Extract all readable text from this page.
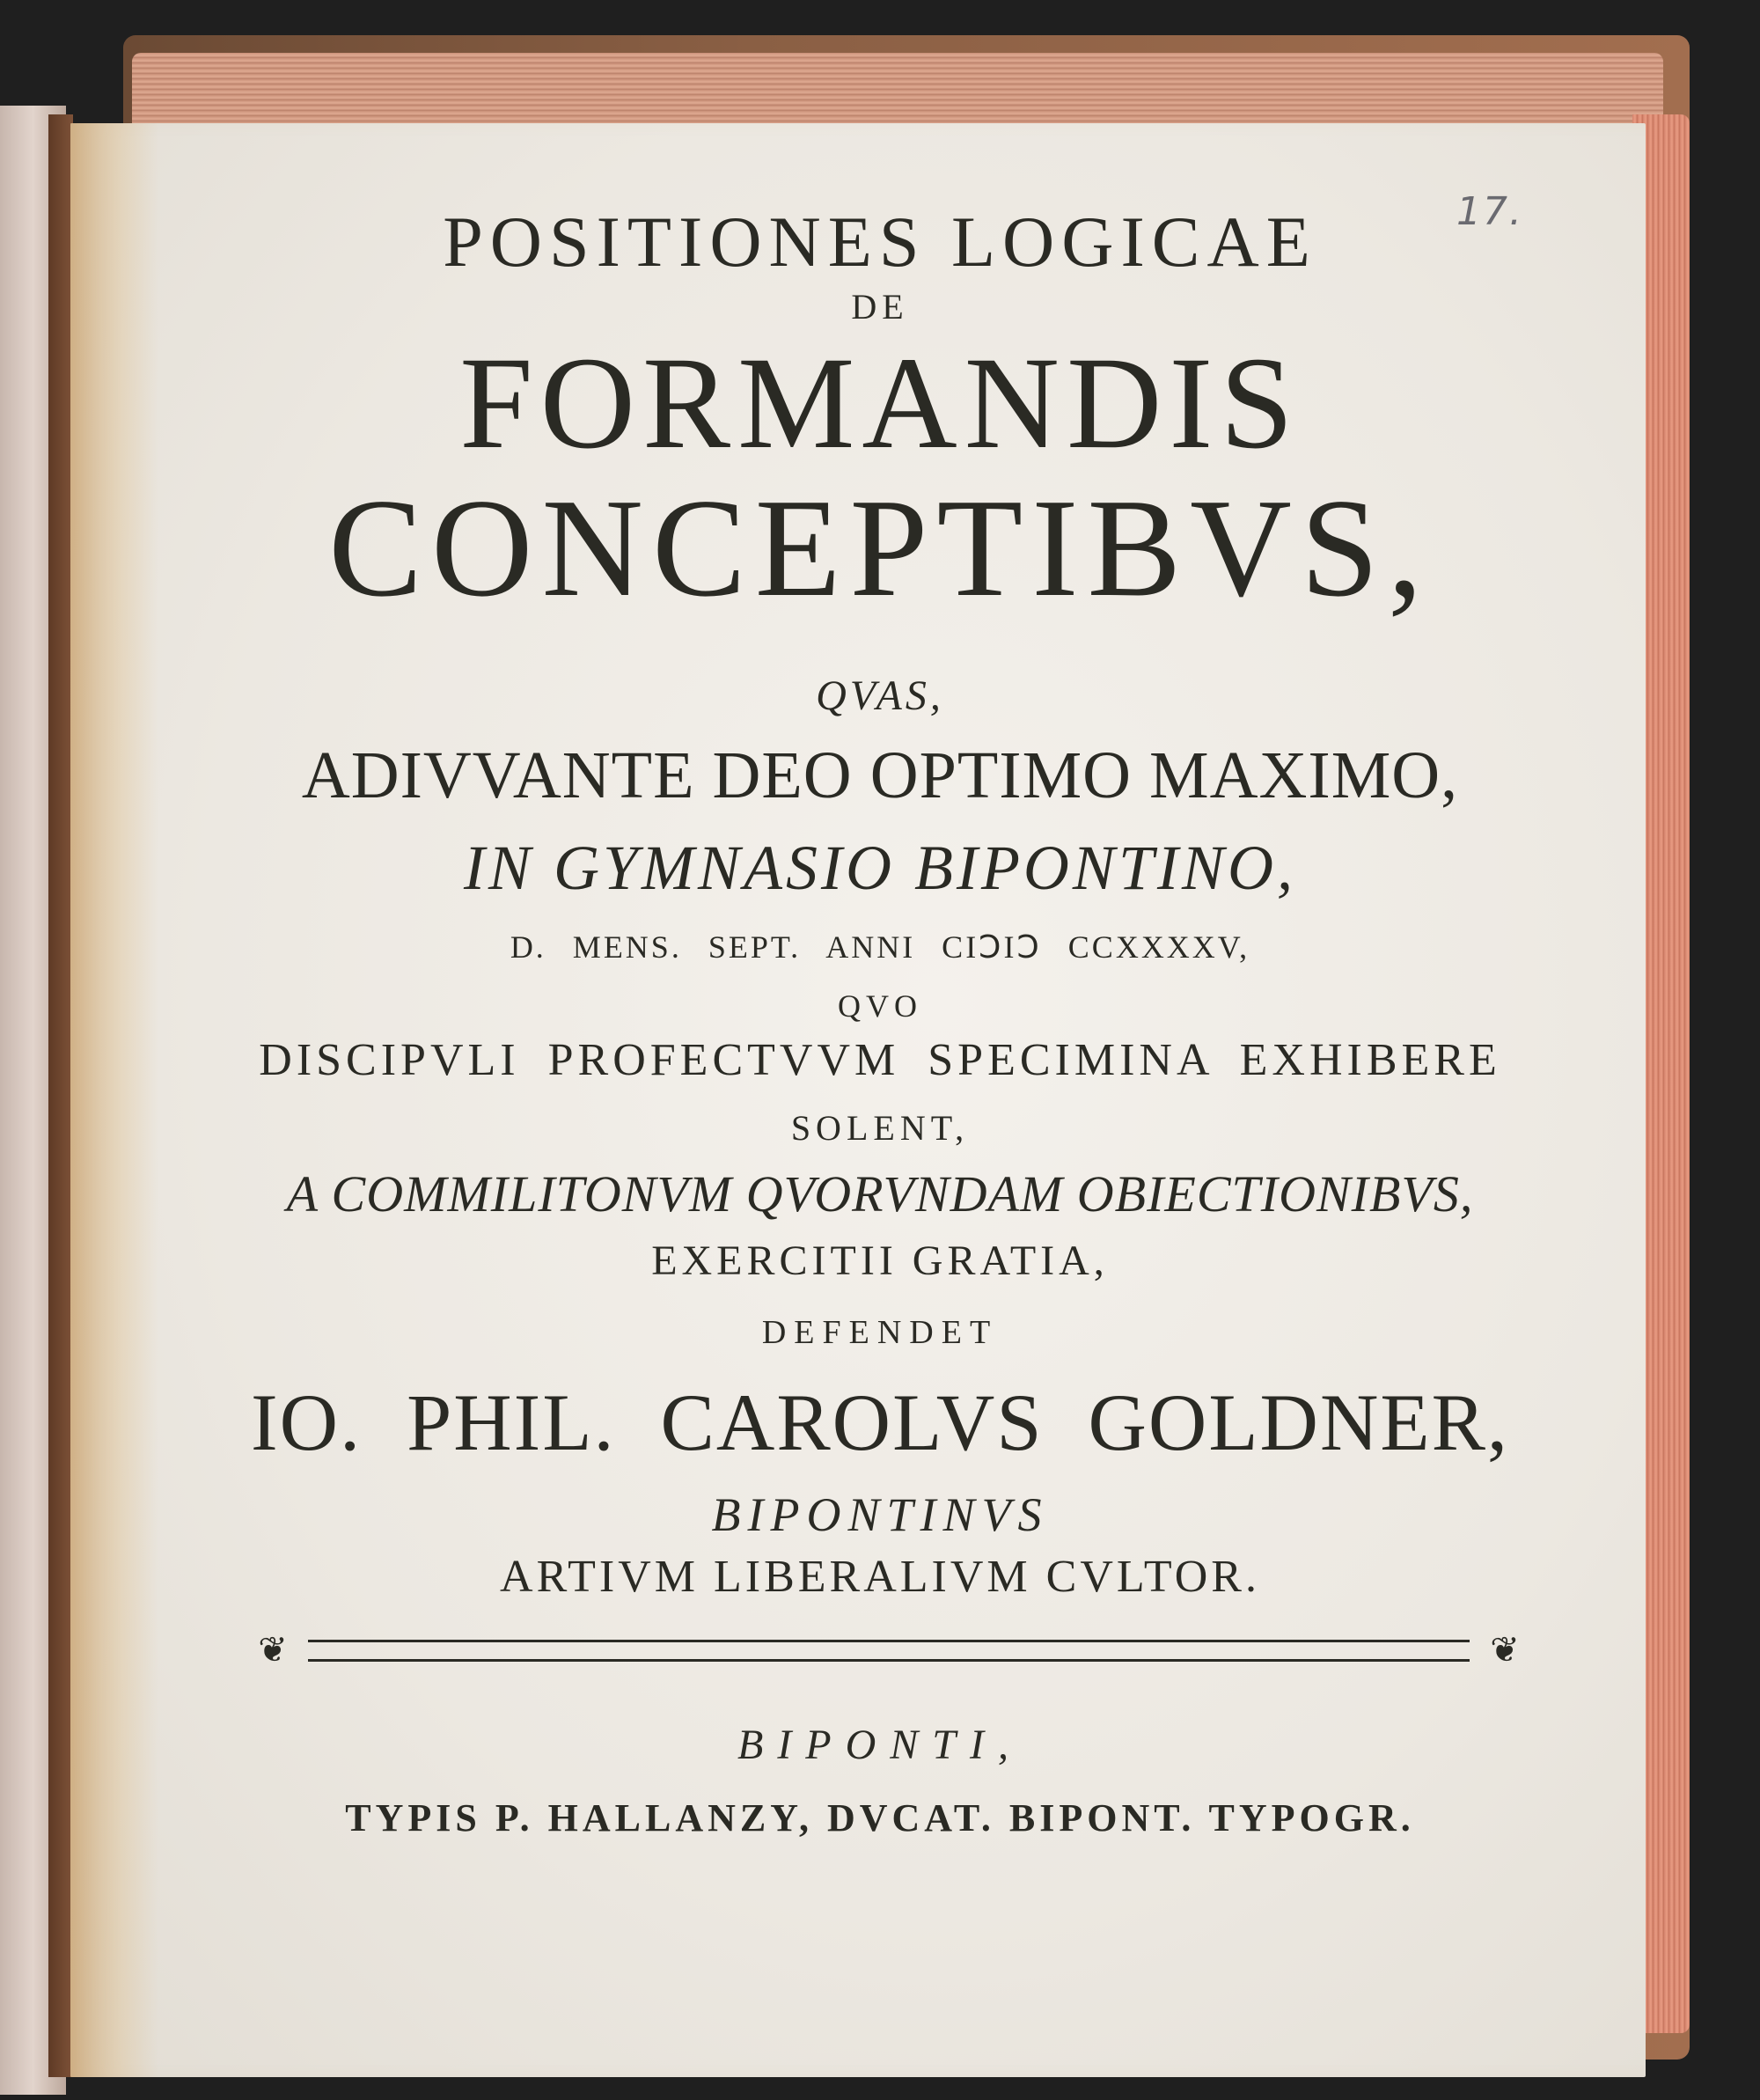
17.
POSITIONES LOGICAE
DE
FORMANDIS
CONCEPTIBVS,
QVAS,
ADIVVANTE DEO OPTIMO MAXIMO,
IN GYMNASIO BIPONTINO,
D. MENS. SEPT. ANNI CIↃIↃ CCXXXXV,
QVO
DISCIPVLI PROFECTVVM SPECIMINA EXHIBERE
SOLENT,
A COMMILITONVM QVORVNDAM OBIECTIONIBVS,
EXERCITII GRATIA,
DEFENDET
IO. PHIL. CAROLVS GOLDNER,
BIPONTINVS
ARTIVM LIBERALIVM CVLTOR.
❦	❦
BIPONTI,
TYPIS P. HALLANZY, DVCAT. BIPONT. TYPOGR.
